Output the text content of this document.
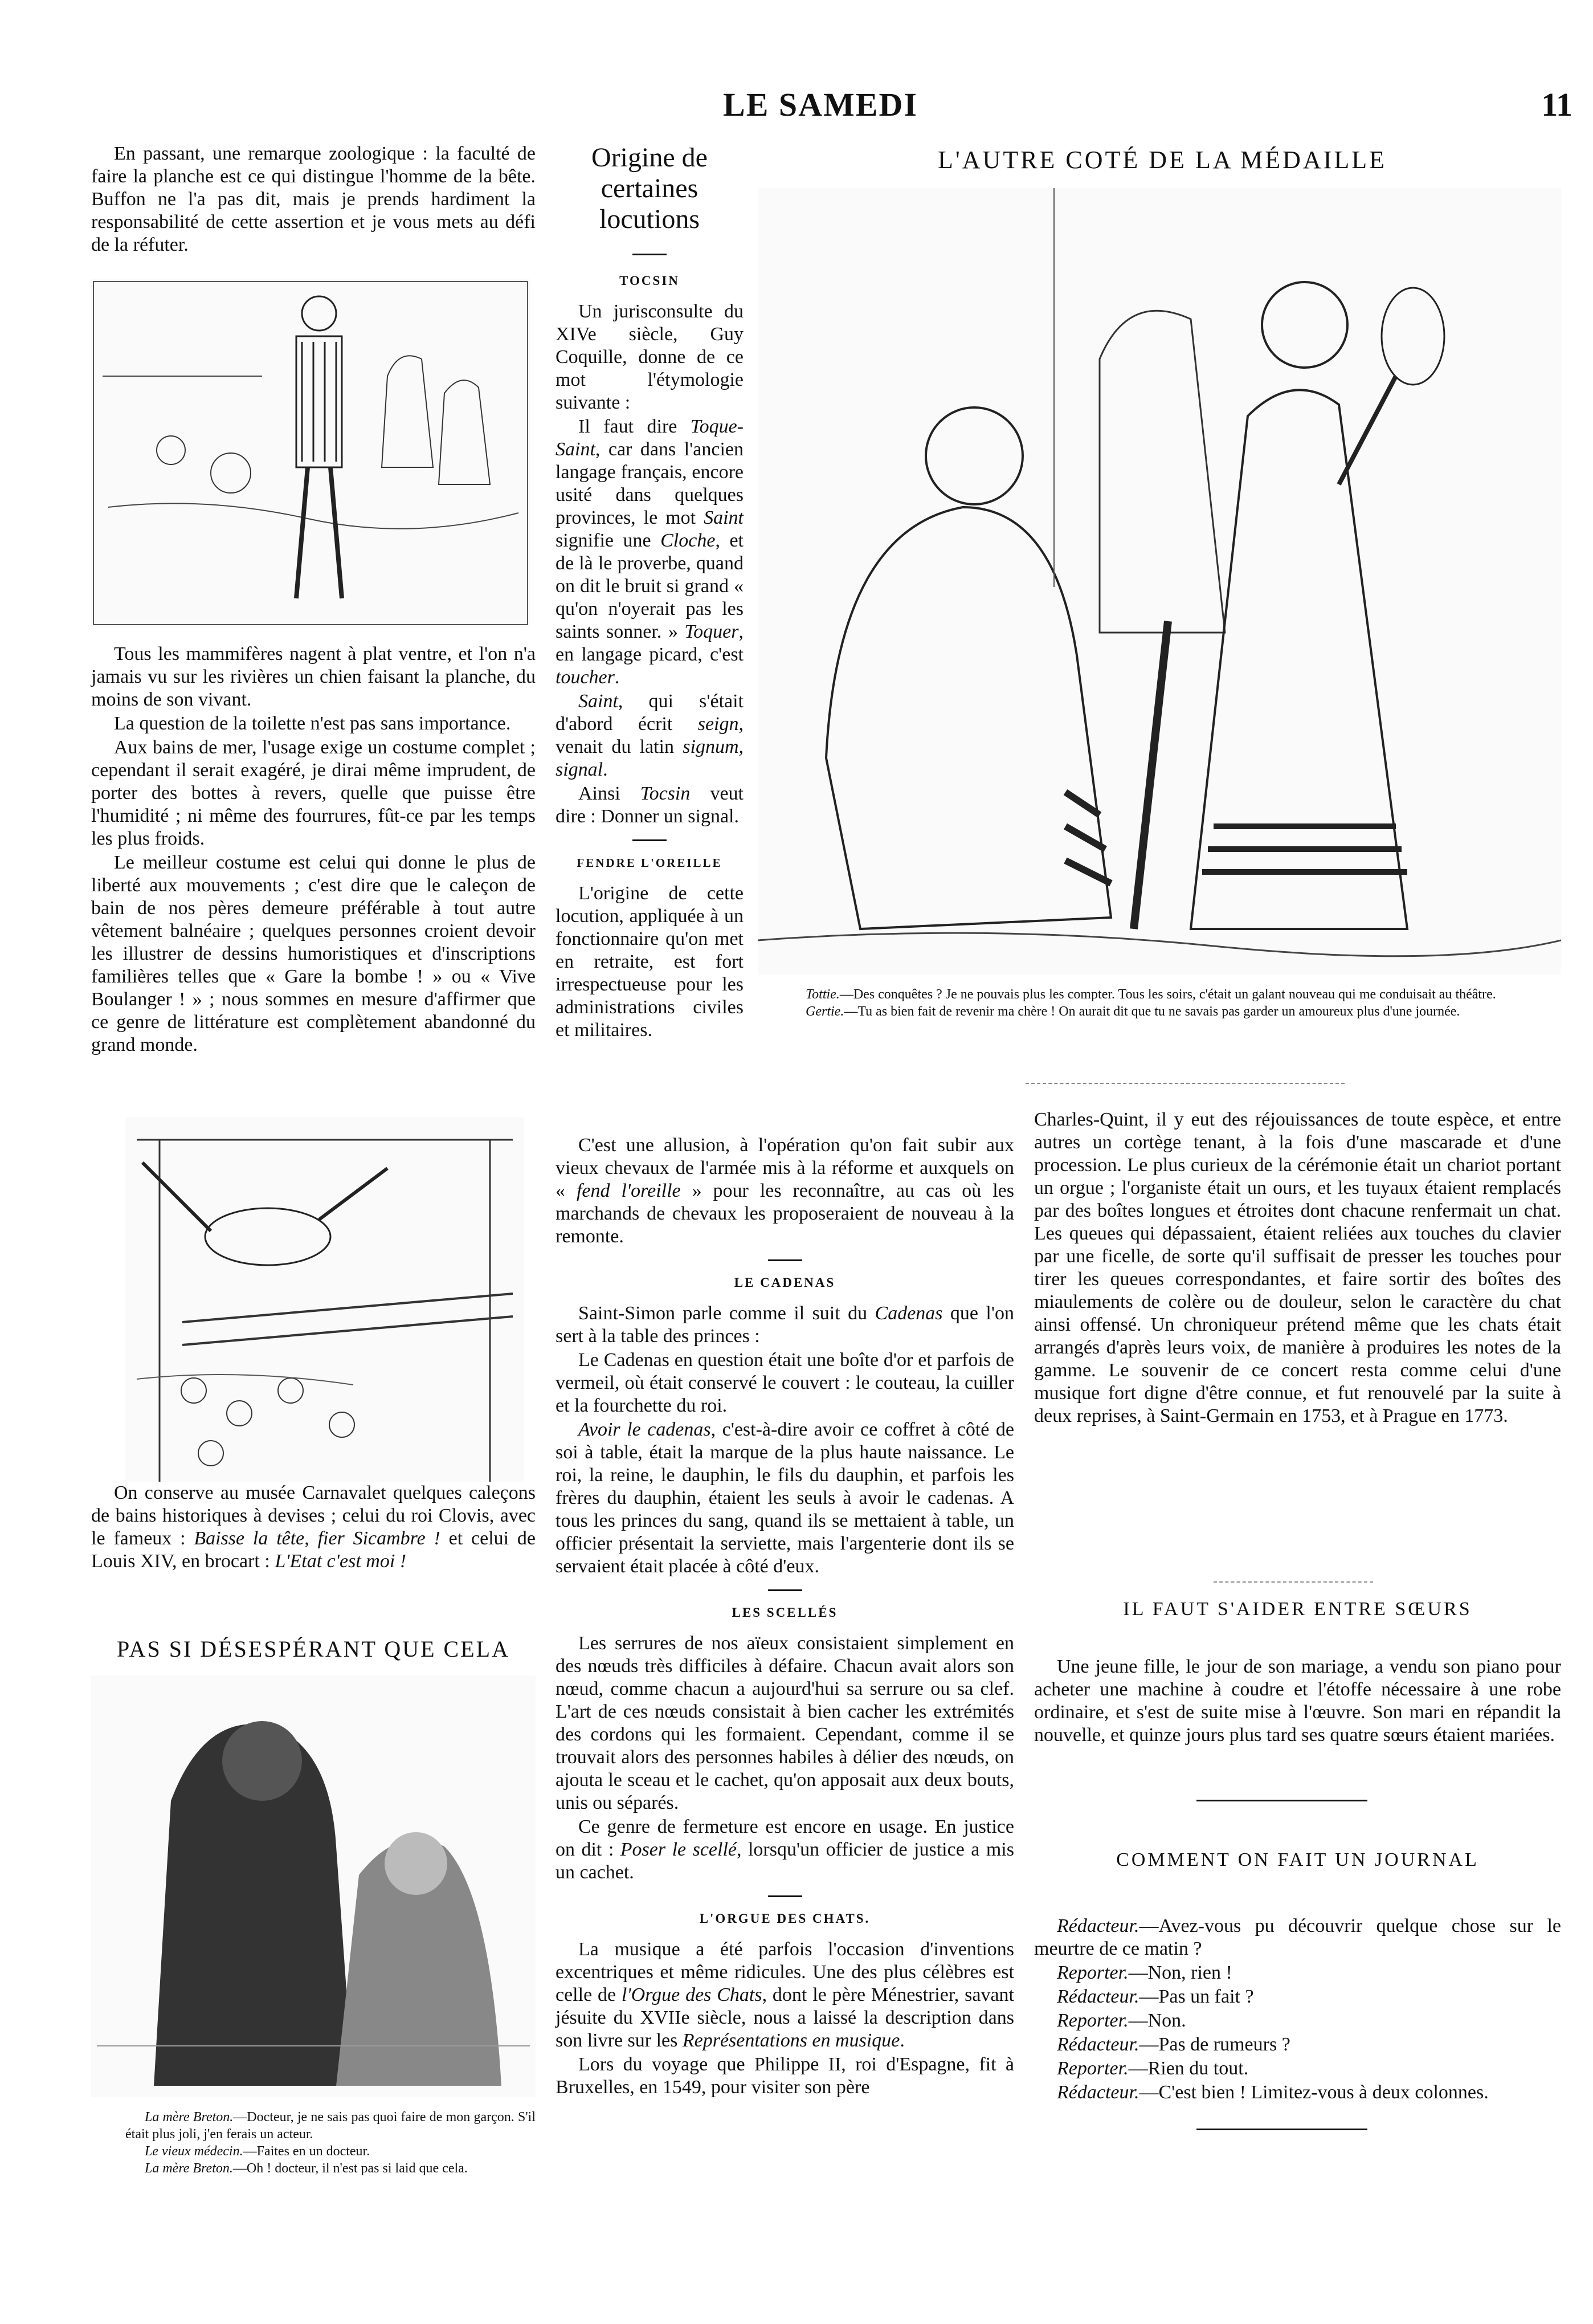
LE SAMEDI	11

En passant, une remarque zoologique : la faculté de faire la planche est ce qui distingue l'homme de la bête. Buffon ne l'a pas dit, mais je prends hardiment la responsabilité de cette assertion et je vous mets au défi de la réfuter.

Tous les mammifères nagent à plat ventre, et l'on n'a jamais vu sur les rivières un chien faisant la planche, du moins de son vivant.

La question de la toilette n'est pas sans importance.

Aux bains de mer, l'usage exige un costume complet ; cependant il serait exagéré, je dirai même imprudent, de porter des bottes à revers, quelle que puisse être l'humidité ; ni même des fourrures, fût-ce par les temps les plus froids.

Le meilleur costume est celui qui donne le plus de liberté aux mouvements ; c'est dire que le caleçon de bain de nos pères demeure préférable à tout autre vêtement balnéaire ; quelques personnes croient devoir les illustrer de dessins humoristiques et d'inscriptions familières telles que « Gare la bombe ! » ou « Vive Boulanger ! » ; nous sommes en mesure d'affirmer que ce genre de littérature est complètement abandonné du grand monde.

On conserve au musée Carnavalet quelques caleçons de bains historiques à devises ; celui du roi Clovis, avec le fameux : Baisse la tête, fier Sicambre ! et celui de Louis XIV, en brocart : L'Etat c'est moi !

PAS SI DÉSESPÉRANT QUE CELA

La mère Breton.—Docteur, je ne sais pas quoi faire de mon garçon. S'il était plus joli, j'en ferais un acteur.

Le vieux médecin.—Faites en un docteur.

La mère Breton.—Oh ! docteur, il n'est pas si laid que cela.

Origine de certaines locutions
TOCSIN

Un jurisconsulte du XIVe siècle, Guy Coquille, donne de ce mot l'étymologie suivante :

Il faut dire Toque-Saint, car dans l'ancien langage français, encore usité dans quelques provinces, le mot Saint signifie une Cloche, et de là le proverbe, quand on dit le bruit si grand « qu'on n'oyerait pas les saints sonner. » Toquer, en langage picard, c'est toucher.

Saint, qui s'était d'abord écrit seign, venait du latin signum, signal.

Ainsi Tocsin veut dire : Donner un signal.

FENDRE L'OREILLE

L'origine de cette locution, appliquée à un fonctionnaire qu'on met en retraite, est fort irrespectueuse pour les administrations civiles et militaires.

C'est une allusion, à l'opération qu'on fait subir aux vieux chevaux de l'armée mis à la réforme et auxquels on « fend l'oreille » pour les reconnaître, au cas où les marchands de chevaux les proposeraient de nouveau à la remonte.

LE CADENAS

Saint-Simon parle comme il suit du Cadenas que l'on sert à la table des princes :

Le Cadenas en question était une boîte d'or et parfois de vermeil, où était conservé le couvert : le couteau, la cuiller et la fourchette du roi.

Avoir le cadenas, c'est-à-dire avoir ce coffret à côté de soi à table, était la marque de la plus haute naissance. Le roi, la reine, le dauphin, le fils du dauphin, et parfois les frères du dauphin, étaient les seuls à avoir le cadenas. A tous les princes du sang, quand ils se mettaient à table, un officier présentait la serviette, mais l'argenterie dont ils se servaient était placée à côté d'eux.

LES SCELLÉS

Les serrures de nos aïeux consistaient simplement en des nœuds très difficiles à défaire. Chacun avait alors son nœud, comme chacun a aujourd'hui sa serrure ou sa clef. L'art de ces nœuds consistait à bien cacher les extrémités des cordons qui les formaient. Cependant, comme il se trouvait alors des personnes habiles à délier des nœuds, on ajouta le sceau et le cachet, qu'on apposait aux deux bouts, unis ou séparés.

Ce genre de fermeture est encore en usage. En justice on dit : Poser le scellé, lorsqu'un officier de justice a mis un cachet.

L'ORGUE DES CHATS.

La musique a été parfois l'occasion d'inventions excentriques et même ridicules. Une des plus célèbres est celle de l'Orgue des Chats, dont le père Ménestrier, savant jésuite du XVIIe siècle, nous a laissé la description dans son livre sur les Représentations en musique.

Lors du voyage que Philippe II, roi d'Espagne, fit à Bruxelles, en 1549, pour visiter son père

L'AUTRE COTÉ DE LA MÉDAILLE

Tottie.—Des conquêtes ? Je ne pouvais plus les compter. Tous les soirs, c'était un galant nouveau qui me conduisait au théâtre.

Gertie.—Tu as bien fait de revenir ma chère ! On aurait dit que tu ne savais pas garder un amoureux plus d'une journée.

Charles-Quint, il y eut des réjouissances de toute espèce, et entre autres un cortège tenant, à la fois d'une mascarade et d'une procession. Le plus curieux de la cérémonie était un chariot portant un orgue ; l'organiste était un ours, et les tuyaux étaient remplacés par des boîtes longues et étroites dont chacune renfermait un chat. Les queues qui dépassaient, étaient reliées aux touches du clavier par une ficelle, de sorte qu'il suffisait de presser les touches pour tirer les queues correspondantes, et faire sortir des boîtes des miaulements de colère ou de douleur, selon le caractère du chat ainsi offensé. Un chroniqueur prétend même que les chats était arrangés d'après leurs voix, de manière à produires les notes de la gamme. Le souvenir de ce concert resta comme celui d'une musique fort digne d'être connue, et fut renouvelé par la suite à deux reprises, à Saint-Germain en 1753, et à Prague en 1773.

IL FAUT S'AIDER ENTRE SŒURS

Une jeune fille, le jour de son mariage, a vendu son piano pour acheter une machine à coudre et l'étoffe nécessaire à une robe ordinaire, et s'est de suite mise à l'œuvre. Son mari en répandit la nouvelle, et quinze jours plus tard ses quatre sœurs étaient mariées.

COMMENT ON FAIT UN JOURNAL

Rédacteur.—Avez-vous pu découvrir quelque chose sur le meurtre de ce matin ?

Reporter.—Non, rien !

Rédacteur.—Pas un fait ?

Reporter.—Non.

Rédacteur.—Pas de rumeurs ?

Reporter.—Rien du tout.

Rédacteur.—C'est bien ! Limitez-vous à deux colonnes.
